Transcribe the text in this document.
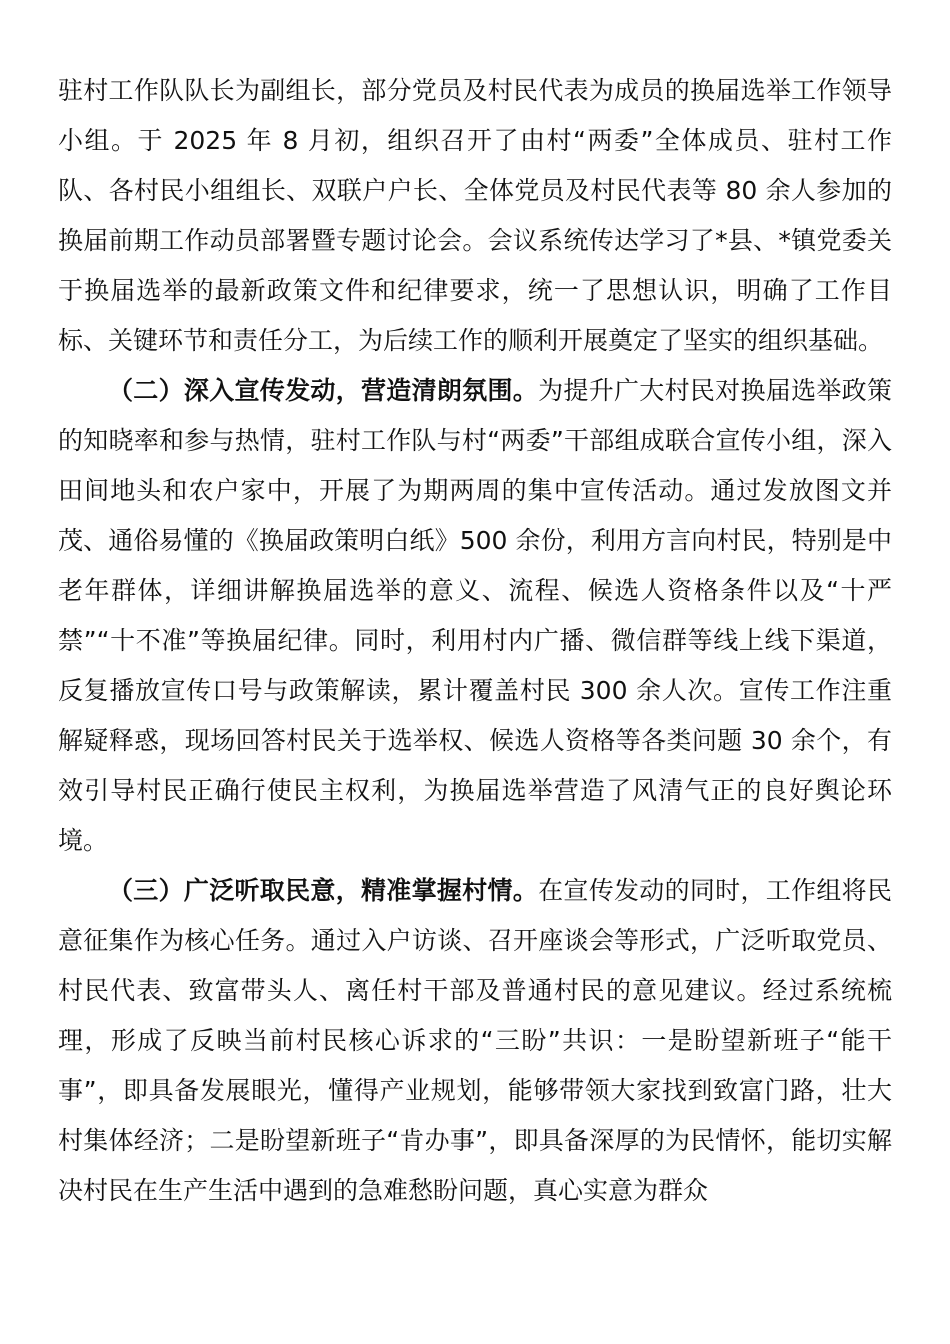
驻村工作队队长为副组长，部分党员及村民代表为成员的换届选举工作领导小组。于 2025 年 8 月初，组织召开了由村“两委”全体成员、驻村工作队、各村民小组组长、双联户户长、全体党员及村民代表等 80 余人参加的换届前期工作动员部署暨专题讨论会。会议系统传达学习了*县、*镇党委关于换届选举的最新政策文件和纪律要求，统一了思想认识，明确了工作目标、关键环节和责任分工，为后续工作的顺利开展奠定了坚实的组织基础。

（二）深入宣传发动，营造清朗氛围。为提升广大村民对换届选举政策的知晓率和参与热情，驻村工作队与村“两委”干部组成联合宣传小组，深入田间地头和农户家中，开展了为期两周的集中宣传活动。通过发放图文并茂、通俗易懂的《换届政策明白纸》500 余份，利用方言向村民，特别是中老年群体，详细讲解换届选举的意义、流程、候选人资格条件以及“十严禁”“十不准”等换届纪律。同时，利用村内广播、微信群等线上线下渠道，反复播放宣传口号与政策解读，累计覆盖村民 300 余人次。宣传工作注重解疑释惑，现场回答村民关于选举权、候选人资格等各类问题 30 余个，有效引导村民正确行使民主权利，为换届选举营造了风清气正的良好舆论环境。

（三）广泛听取民意，精准掌握村情。在宣传发动的同时，工作组将民意征集作为核心任务。通过入户访谈、召开座谈会等形式，广泛听取党员、村民代表、致富带头人、离任村干部及普通村民的意见建议。经过系统梳理，形成了反映当前村民核心诉求的“三盼”共识：一是盼望新班子“能干事”，即具备发展眼光，懂得产业规划，能够带领大家找到致富门路，壮大村集体经济；二是盼望新班子“肯办事”，即具备深厚的为民情怀，能切实解决村民在生产生活中遇到的急难愁盼问题，真心实意为群众
